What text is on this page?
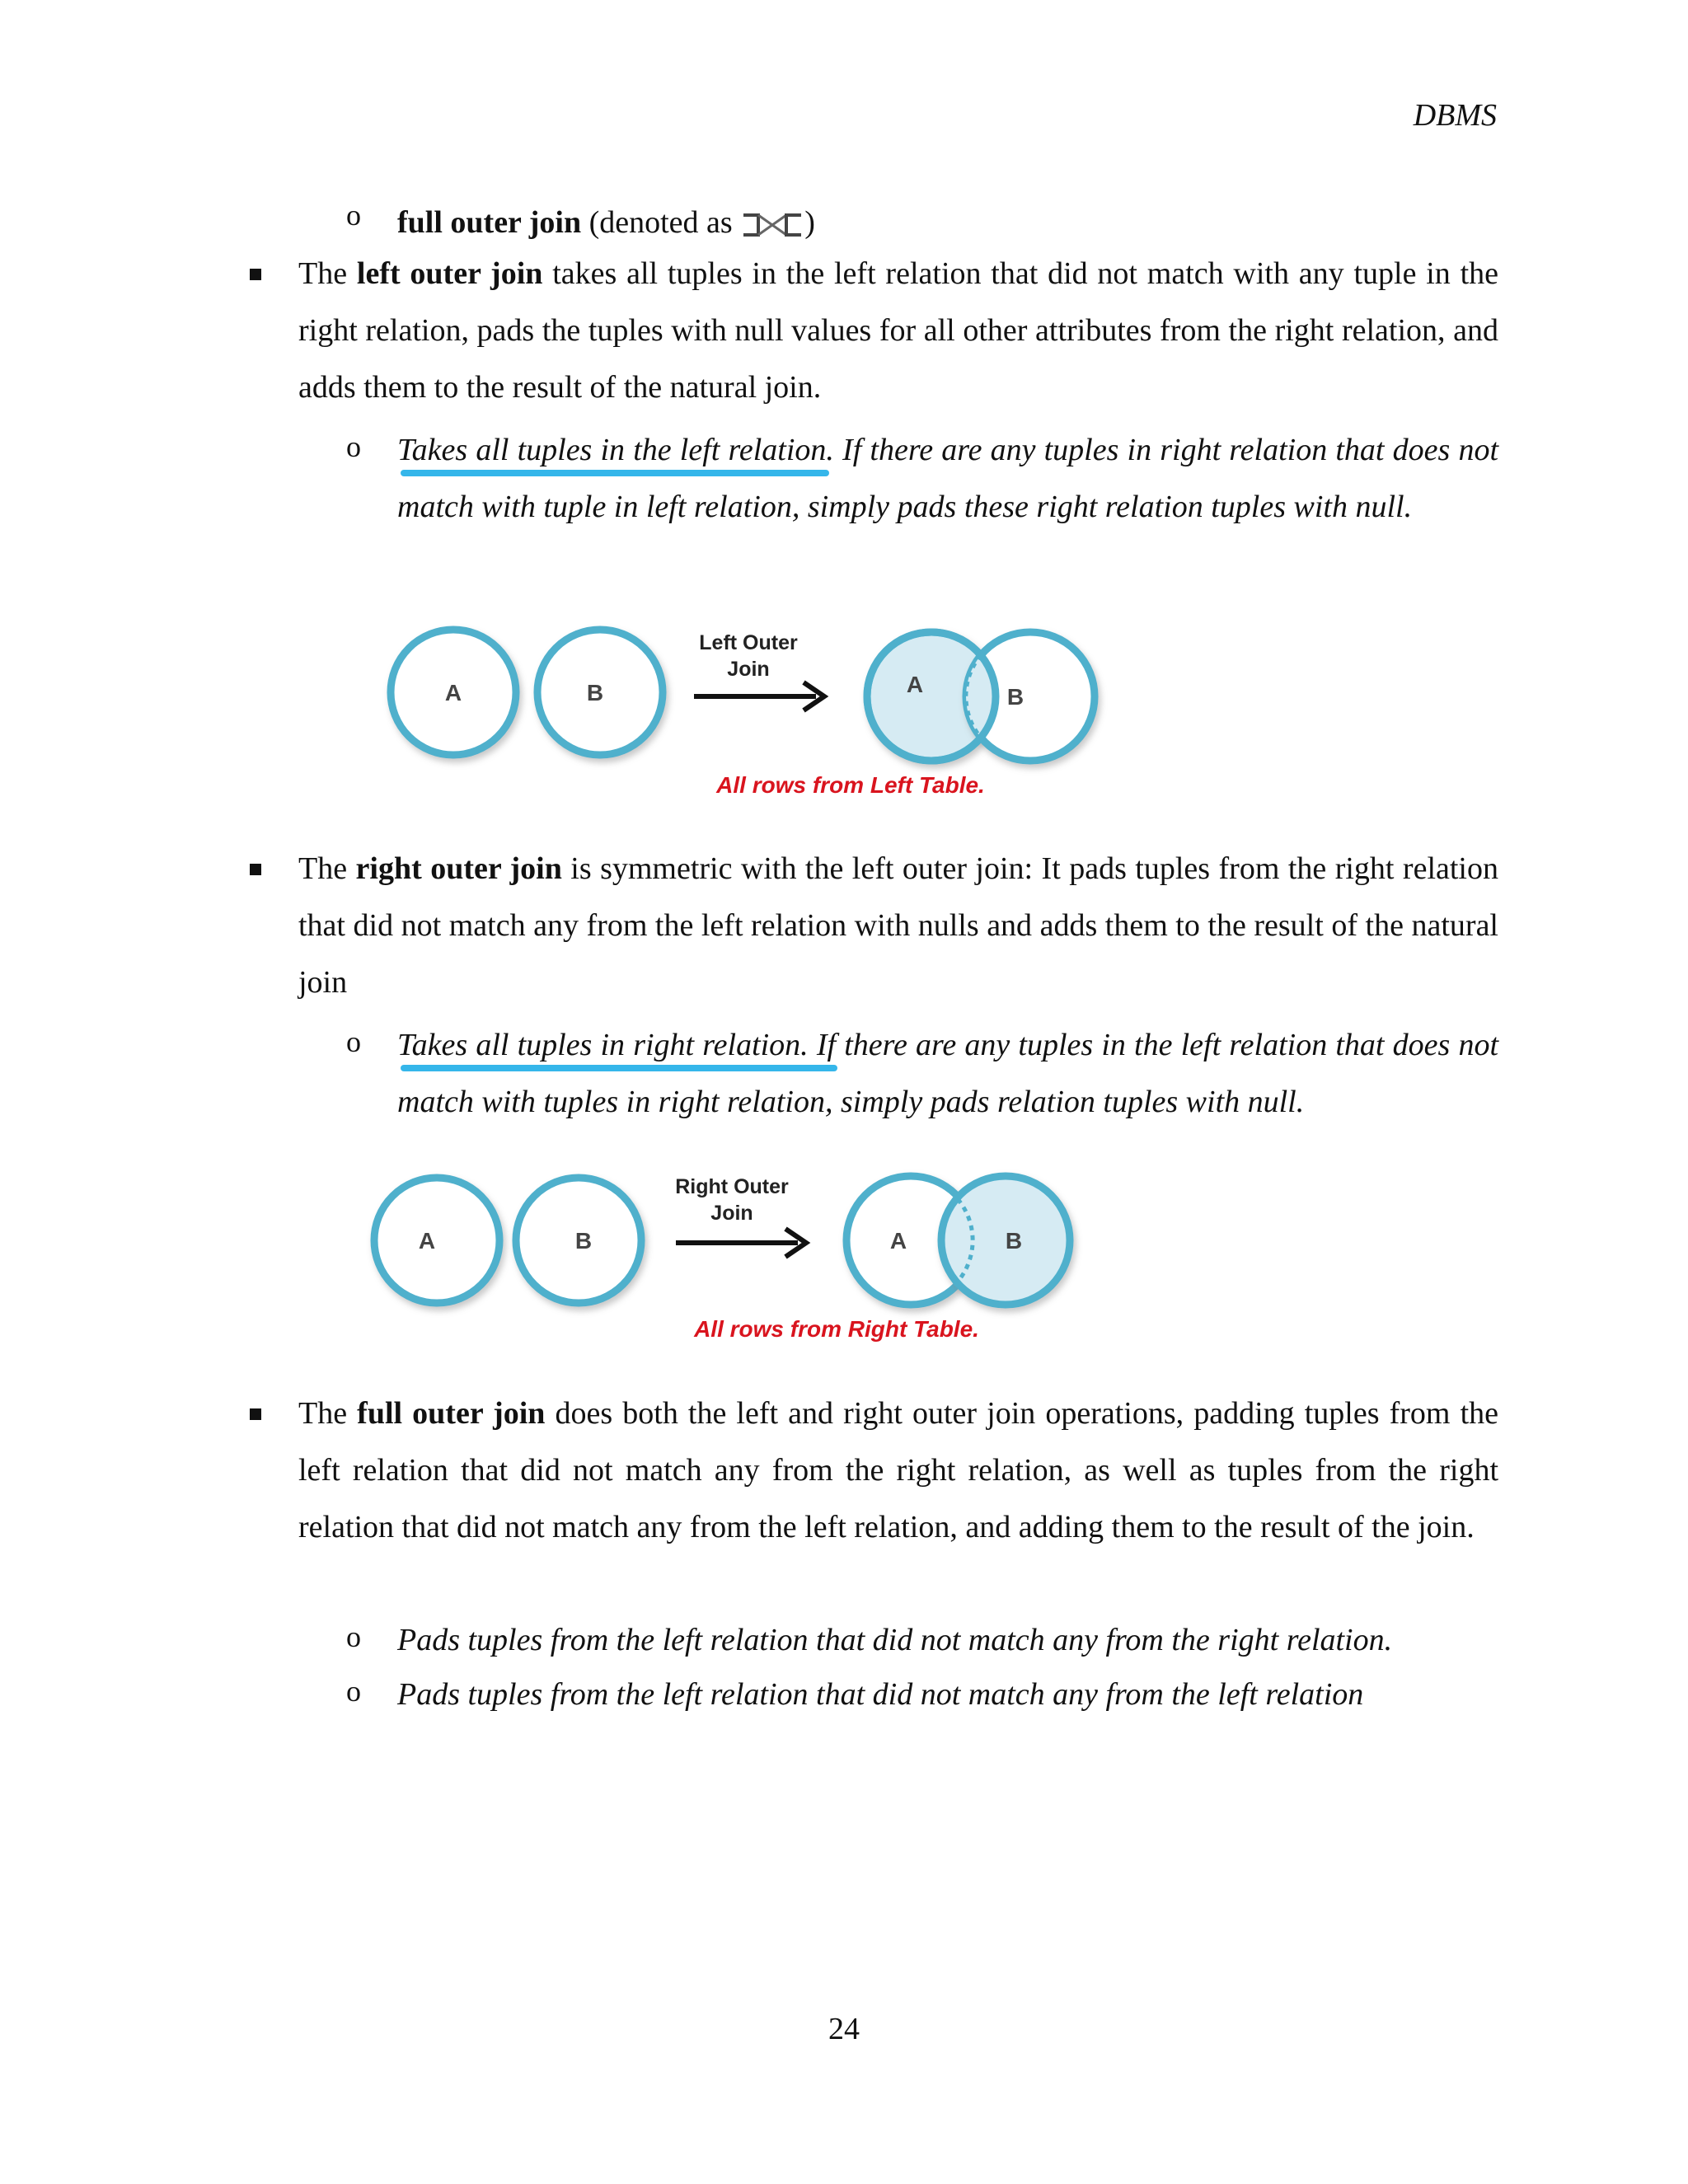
DBMS
o full outer join (denoted as )
The left outer join takes all tuples in the left relation that did not match with any tuple in the right relation, pads the tuples with null values for all other attributes from the right relation, and adds them to the result of the natural join.
o Takes all tuples in the left relation. If there are any tuples in right relation that does not match with tuple in left relation, simply pads these right relation tuples with null.
A	B
Left Outer
Join
A	B
All rows from Left Table.
The right outer join is symmetric with the left outer join: It pads tuples from the right relation that did not match any from the left relation with nulls and adds them to the result of the natural join
o Takes all tuples in right relation. If there are any tuples in the left relation that does not match with tuples in right relation, simply pads relation tuples with null.
A	B
Right Outer
Join
A	B
All rows from Right Table.
The full outer join does both the left and right outer join operations, padding tuples from the left relation that did not match any from the right relation, as well as tuples from the right relation that did not match any from the left relation, and adding them to the result of the join.
o Pads tuples from the left relation that did not match any from the right relation.
o Pads tuples from the left relation that did not match any from the left relation
24
